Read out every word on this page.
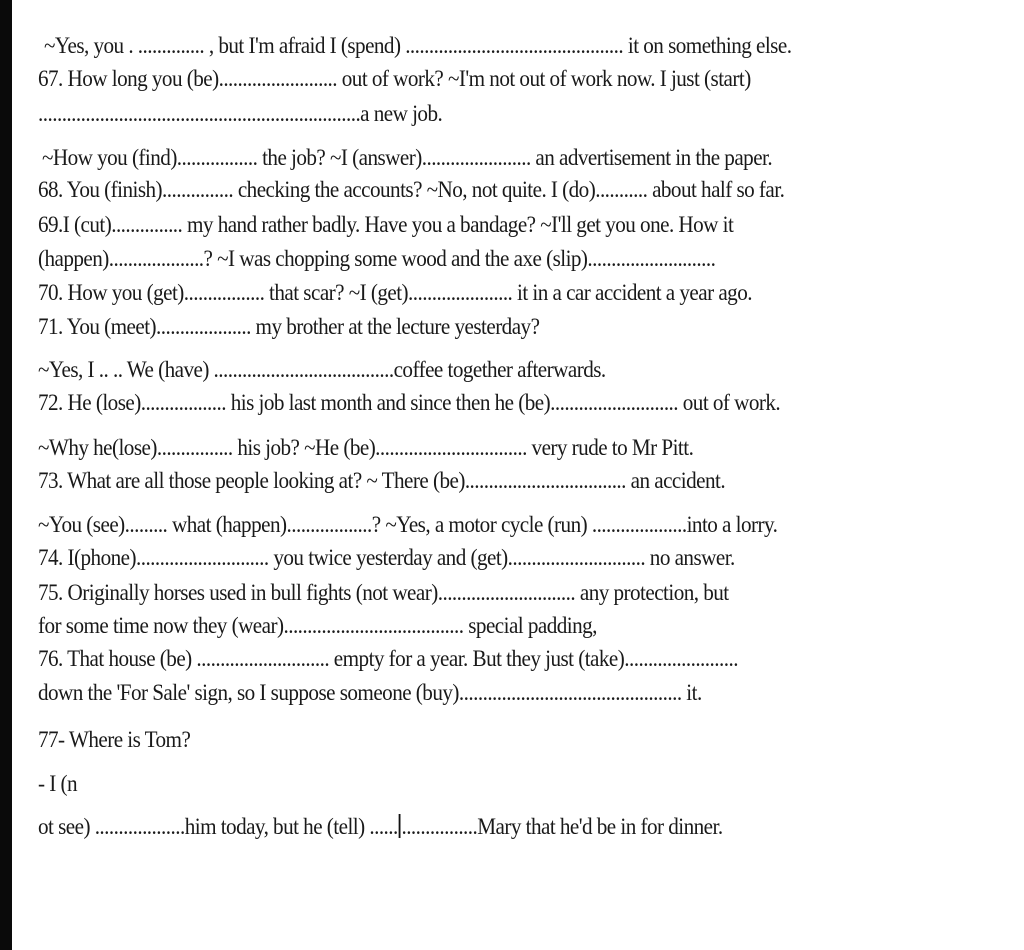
~Yes, you . .............. , but I'm afraid I (spend) .............................................. it on something else.
67. How long you (be)......................... out of work? ~I'm not out of work now. I just (start)
....................................................................a new job.
~How you (find)................. the job? ~I (answer)....................... an advertisement in the paper.
68. You (finish)............... checking the accounts? ~No, not quite. I (do)........... about half so far.
69.I (cut)............... my hand rather badly. Have you a bandage? ~I'll get you one. How it
(happen)....................? ~I was chopping some wood and the axe (slip)...........................
70. How you (get)................. that scar? ~I (get)...................... it in a car accident a year ago.
71. You (meet).................... my brother at the lecture yesterday?
~Yes, I .. .. We (have) ......................................coffee together afterwards.
72. He (lose).................. his job last month and since then he (be)........................... out of work.
~Why he(lose)................ his job? ~He (be)................................ very rude to Mr Pitt.
73. What are all those people looking at? ~ There (be).................................. an accident.
~You (see)......... what (happen)..................? ~Yes, a motor cycle (run) ....................into a lorry.
74. I(phone)............................ you twice yesterday and (get)............................. no answer.
75. Originally horses used in bull fights (not wear)............................. any protection, but
for some time now they (wear)...................................... special padding,
76. That house (be) ............................ empty for a year. But they just (take)........................
down the 'For Sale' sign, so I suppose someone (buy)............................................... it.
77- Where is Tom?
- I (n
ot see) ...................him today, but he (tell) ...... ................Mary that he'd be in for dinner.
